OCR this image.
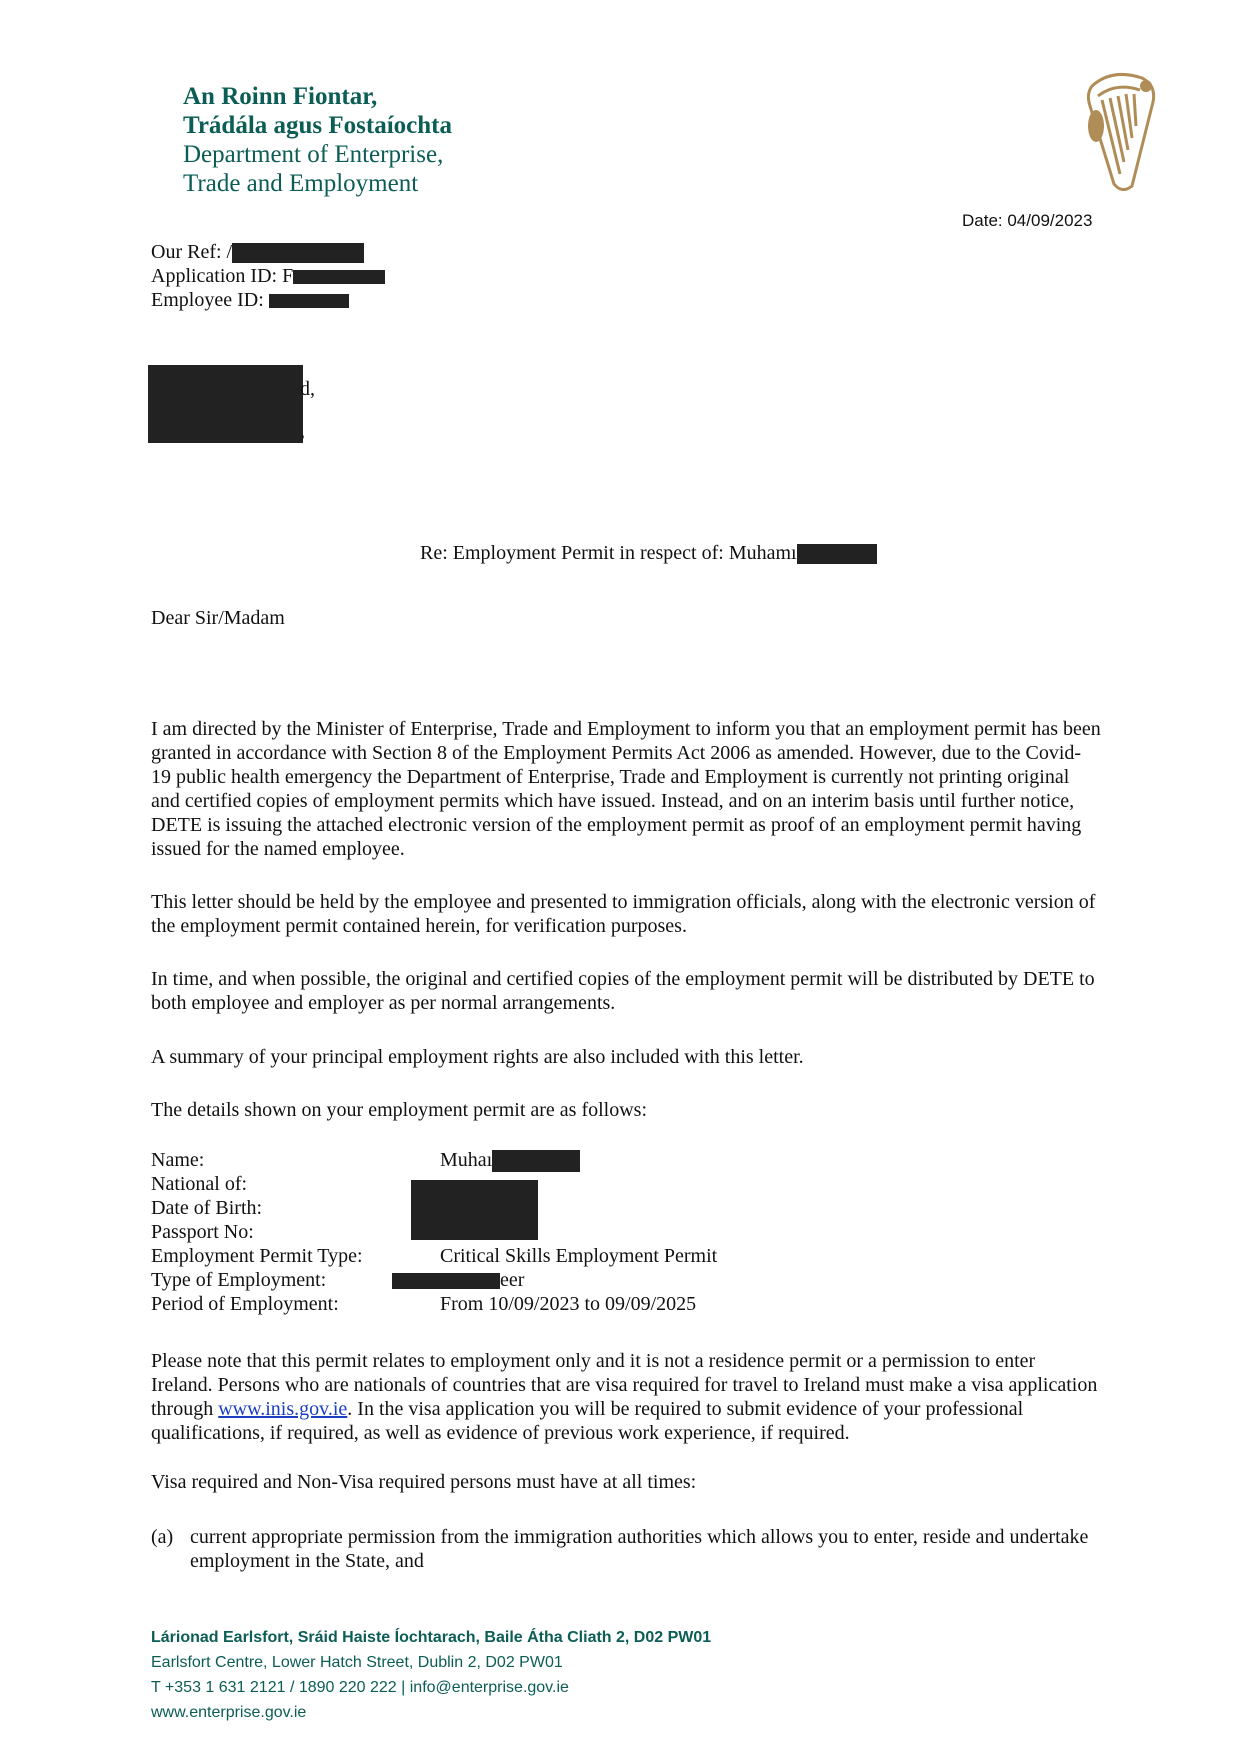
An Roinn Fiontar,
Trádála agus Fostaíochta
Department of Enterprise,
Trade and Employment
Date: 04/09/2023
Our Ref: /
Application ID: F
Employee ID:
d,
,
Re: Employment Permit in respect of: Muhamı
Dear Sir/Madam

I am directed by the Minister of Enterprise, Trade and Employment to inform you that an employment permit has been granted in accordance with Section 8 of the Employment Permits Act 2006 as amended. However, due to the Covid-19 public health emergency the Department of Enterprise, Trade and Employment is currently not printing original and certified copies of employment permits which have issued. Instead, and on an interim basis until further notice, DETE is issuing the attached electronic version of the employment permit as proof of an employment permit having issued for the named employee.

This letter should be held by the employee and presented to immigration officials, along with the electronic version of the employment permit contained herein, for verification purposes.

In time, and when possible, the original and certified copies of the employment permit will be distributed by DETE to both employee and employer as per normal arrangements.

A summary of your principal employment rights are also included with this letter.

The details shown on your employment permit are as follows:

Name:	Muhaı
National of:
Date of Birth:
Passport No:
Employment Permit Type:	Critical Skills Employment Permit
Type of Employment:	eer
Period of Employment:	From 10/09/2023 to 09/09/2025

Please note that this permit relates to employment only and it is not a residence permit or a permission to enter Ireland. Persons who are nationals of countries that are visa required for travel to Ireland must make a visa application through www.inis.gov.ie. In the visa application you will be required to submit evidence of your professional qualifications, if required, as well as evidence of previous work experience, if required.

Visa required and Non-Visa required persons must have at all times:

(a) current appropriate permission from the immigration authorities which allows you to enter, reside and undertake employment in the State, and
Lárionad Earlsfort, Sráid Haiste Íochtarach, Baile Átha Cliath 2, D02 PW01
Earlsfort Centre, Lower Hatch Street, Dublin 2, D02 PW01
T +353 1 631 2121 / 1890 220 222 | info@enterprise.gov.ie
www.enterprise.gov.ie
